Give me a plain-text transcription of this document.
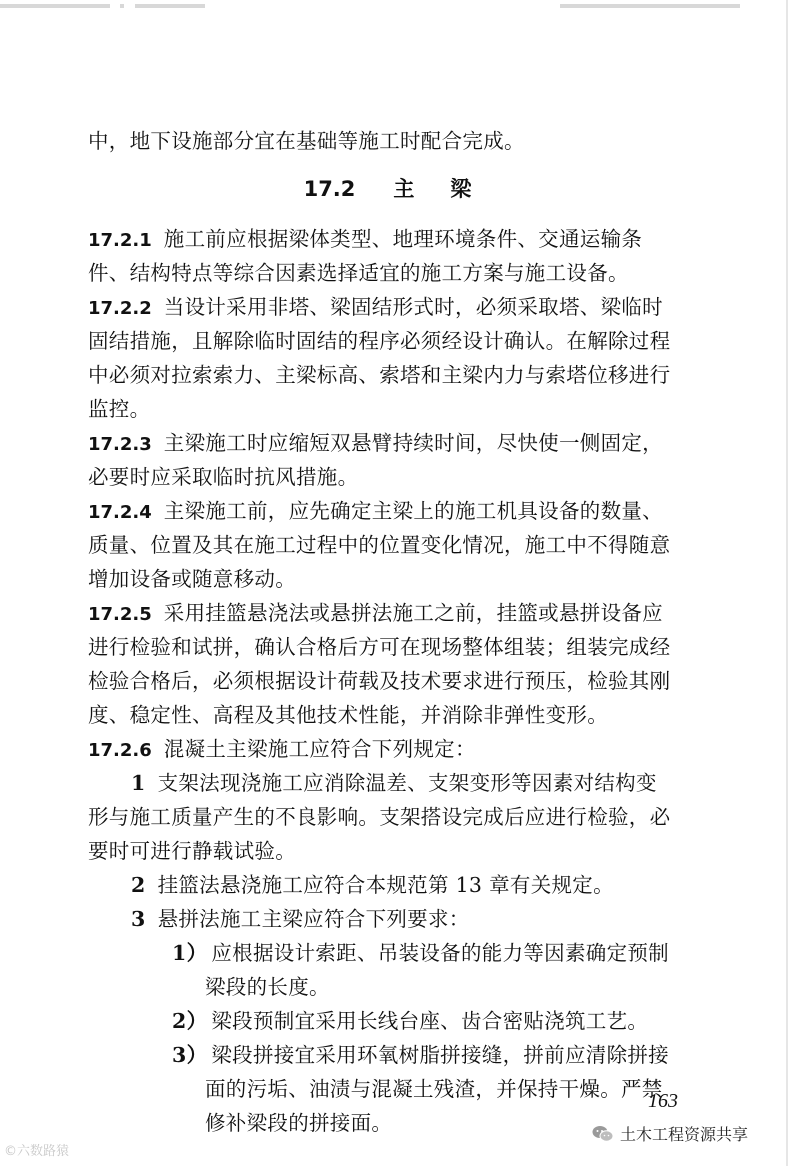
中，地下设施部分宜在基础等施工时配合完成。
17.2 主 梁
17.2.1 施工前应根据梁体类型、地理环境条件、交通运输条
件、结构特点等综合因素选择适宜的施工方案与施工设备。
17.2.2 当设计采用非塔、梁固结形式时，必须采取塔、梁临时
固结措施，且解除临时固结的程序必须经设计确认。在解除过程
中必须对拉索索力、主梁标高、索塔和主梁内力与索塔位移进行
监控。
17.2.3 主梁施工时应缩短双悬臂持续时间，尽快使一侧固定，
必要时应采取临时抗风措施。
17.2.4 主梁施工前，应先确定主梁上的施工机具设备的数量、
质量、位置及其在施工过程中的位置变化情况，施工中不得随意
增加设备或随意移动。
17.2.5 采用挂篮悬浇法或悬拼法施工之前，挂篮或悬拼设备应
进行检验和试拼，确认合格后方可在现场整体组装；组装完成经
检验合格后，必须根据设计荷载及技术要求进行预压，检验其刚
度、稳定性、高程及其他技术性能，并消除非弹性变形。
17.2.6 混凝土主梁施工应符合下列规定：
1 支架法现浇施工应消除温差、支架变形等因素对结构变
形与施工质量产生的不良影响。支架搭设完成后应进行检验，必
要时可进行静载试验。
2 挂篮法悬浇施工应符合本规范第 13 章有关规定。
3 悬拼法施工主梁应符合下列要求：
1） 应根据设计索距、吊装设备的能力等因素确定预制
梁段的长度。
2） 梁段预制宜采用长线台座、齿合密贴浇筑工艺。
3） 梁段拼接宜采用环氧树脂拼接缝，拼前应清除拼接
面的污垢、油渍与混凝土残渣，并保持干燥。严禁
修补梁段的拼接面。
163
©六数路猿
土木工程资源共享
